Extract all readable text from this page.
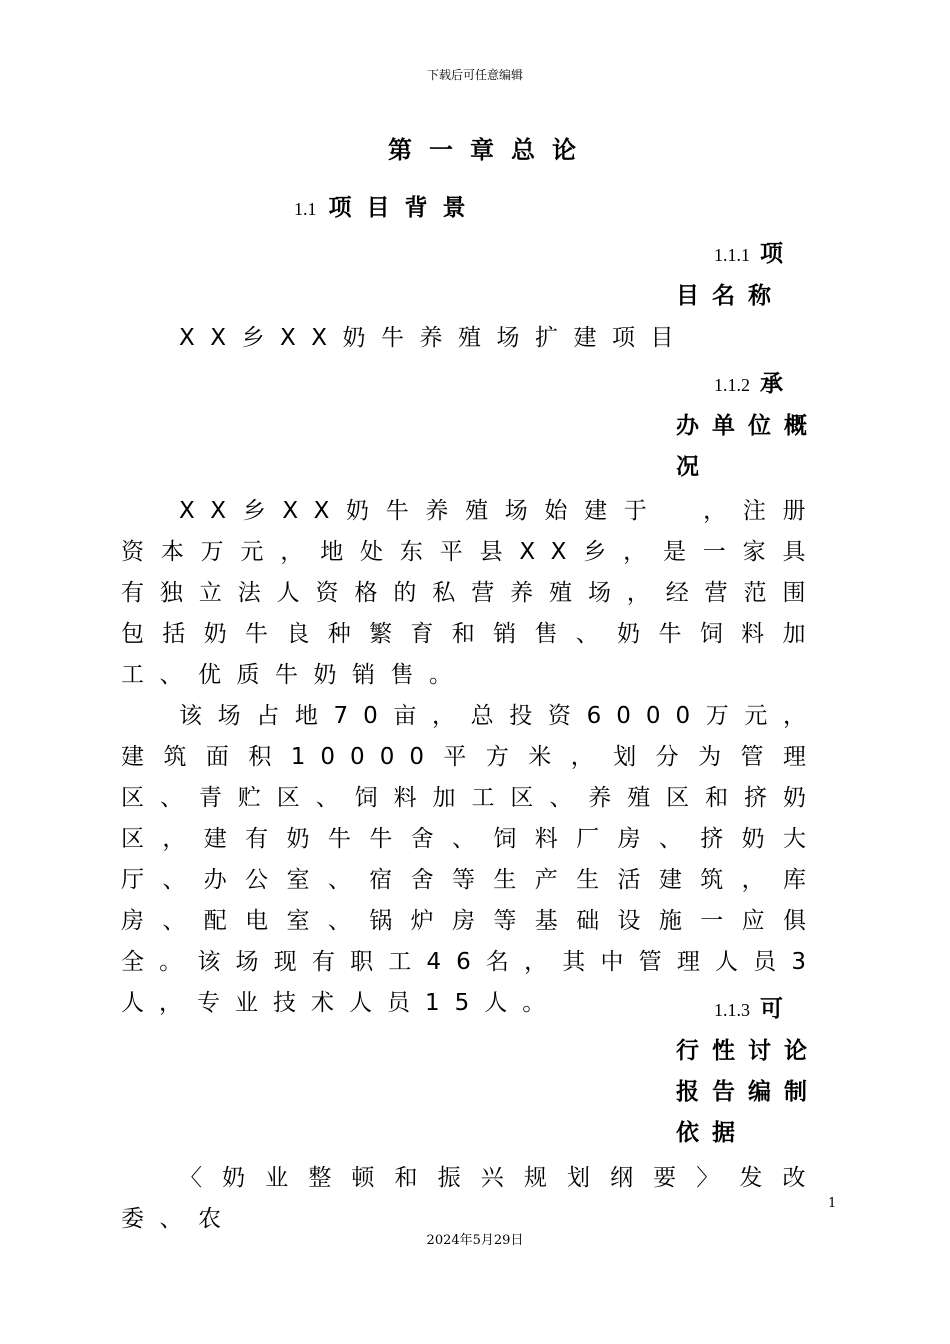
下载后可任意编辑
第一章总论
1.1 项目背景
1.1.1 项目名称
XX乡XX奶牛养殖场扩建项目
1.1.2 承办单位概况
XX乡XX奶牛养殖场始建于　，注册资本万元，地处东平县XX乡，是一家具有独立法人资格的私营养殖场，经营范围包括奶牛良种繁育和销售、奶牛饲料加工、优质牛奶销售。
该场占地70亩，总投资6000万元，建筑面积10000平方米，划分为管理区、青贮区、饲料加工区、养殖区和挤奶区，建有奶牛牛舍、饲料厂房、挤奶大厅、办公室、宿舍等生产生活建筑，库房、配电室、锅炉房等基础设施一应俱全。该场现有职工46名，其中管理人员3人，专业技术人员15人。	1.1.3 可行性讨论报告编制依据
〈奶业整顿和振兴规划纲要〉发改委、农
1
2024年5月29日
